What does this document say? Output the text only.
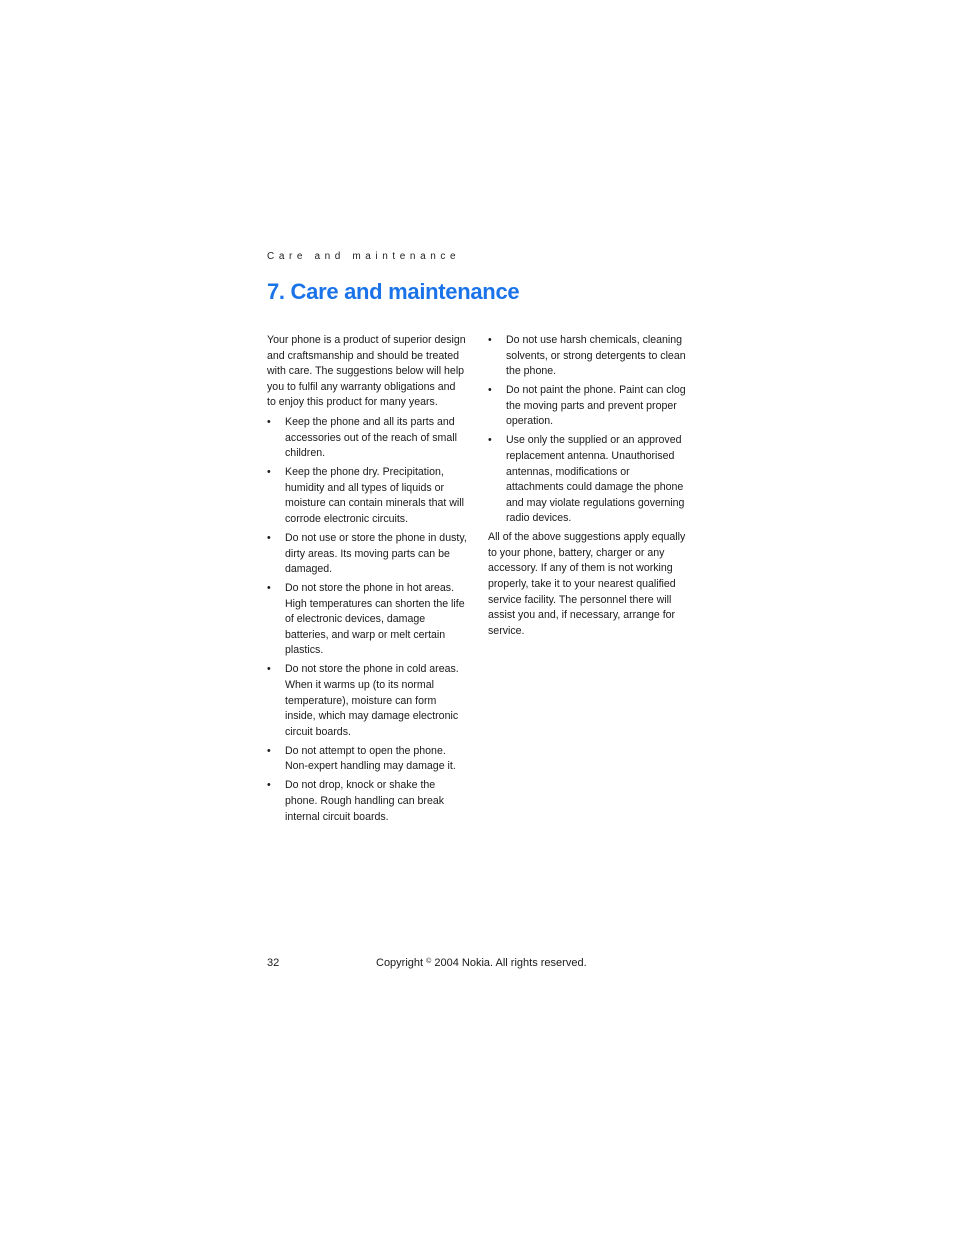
Care and maintenance
7. Care and maintenance

Your phone is a product of superior design and craftsmanship and should be treated with care. The suggestions below will help you to fulfil any warranty obligations and to enjoy this product for many years.

• Keep the phone and all its parts and accessories out of the reach of small children.
• Keep the phone dry. Precipitation, humidity and all types of liquids or moisture can contain minerals that will corrode electronic circuits.
• Do not use or store the phone in dusty, dirty areas. Its moving parts can be damaged.
• Do not store the phone in hot areas. High temperatures can shorten the life of electronic devices, damage batteries, and warp or melt certain plastics.
• Do not store the phone in cold areas. When it warms up (to its normal temperature), moisture can form inside, which may damage electronic circuit boards.
• Do not attempt to open the phone. Non-expert handling may damage it.
• Do not drop, knock or shake the phone. Rough handling can break internal circuit boards.
• Do not use harsh chemicals, cleaning solvents, or strong detergents to clean the phone.
• Do not paint the phone. Paint can clog the moving parts and prevent proper operation.
• Use only the supplied or an approved replacement antenna. Unauthorised antennas, modifications or attachments could damage the phone and may violate regulations governing radio devices.

All of the above suggestions apply equally to your phone, battery, charger or any accessory. If any of them is not working properly, take it to your nearest qualified service facility. The personnel there will assist you and, if necessary, arrange for service.

32	Copyright © 2004 Nokia. All rights reserved.
